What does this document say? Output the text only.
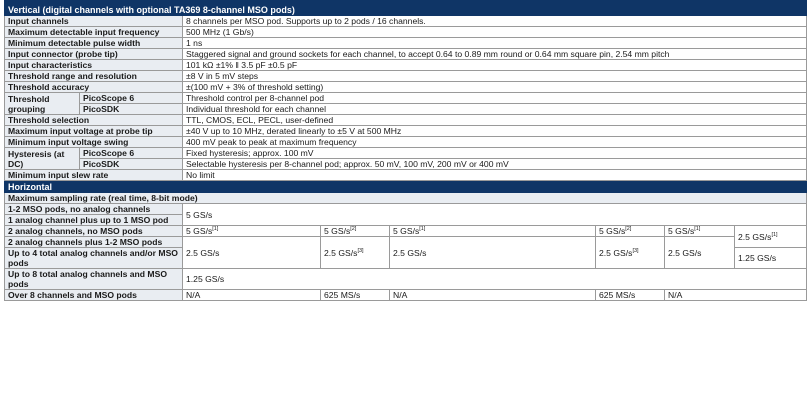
Vertical (digital channels with optional TA369 8-channel MSO pods)							
Input channels		8 channels per MSO pod. Supports up to 2 pods / 16 channels.					
Maximum detectable input frequency		500 MHz (1 Gb/s)					
Minimum detectable pulse width		1 ns					
Input connector (probe tip)		Staggered signal and ground sockets for each channel, to accept 0.64 to 0.89 mm round or 0.64 mm square pin, 2.54 mm pitch					
Input characteristics		101 kΩ ±1% ǁ 3.5 pF ±0.5 pF					
Threshold range and resolution		±8 V in 5 mV steps					
Threshold accuracy		±(100 mV + 3% of threshold setting)					
Threshold grouping	PicoScope 6	Threshold control per 8-channel pod					
	PicoSDK	Individual threshold for each channel					
Threshold selection		TTL, CMOS, ECL, PECL, user-defined					
Maximum input voltage at probe tip		±40 V up to 10 MHz, derated linearly to ±5 V at 500 MHz					
Minimum input voltage swing		400 mV peak to peak at maximum frequency					
Hysteresis (at DC)	PicoScope 6	Fixed hysteresis; approx. 100 mV					
	PicoSDK	Selectable hysteresis per 8-channel pod; approx. 50 mV, 100 mV, 200 mV or 400 mV					
Minimum input slew rate		No limit					
Horizontal							
Maximum sampling rate (real time, 8-bit mode)							
1-2 MSO pods, no analog channels		5 GS/s					
1 analog channel plus up to 1 MSO pod							
2 analog channels, no MSO pods		5 GS/s[1]	5 GS/s[2]	5 GS/s[1]	5 GS/s[2]	5 GS/s[1]	2.5 GS/s[1]
2 analog channels plus 1-2 MSO pods		2.5 GS/s	2.5 GS/s[3]	2.5 GS/s	2.5 GS/s[3]	2.5 GS/s	
Up to 4 total analog channels and/or MSO pods							1.25 GS/s
Up to 8 total analog channels and MSO pods		1.25 GS/s					
Over 8 channels and MSO pods		N/A	625 MS/s	N/A	625 MS/s	N/A	
